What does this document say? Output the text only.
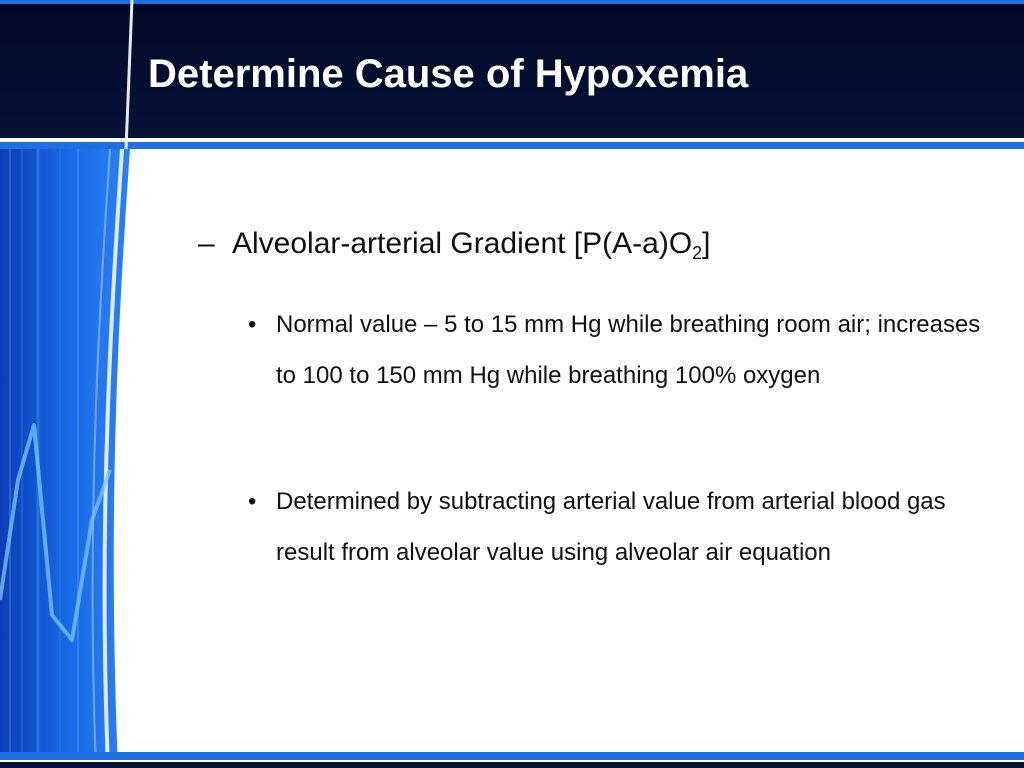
Determine Cause of Hypoxemia
– Alveolar-arterial Gradient $[P(A-a)O_2]$
• Normal value – 5 to 15 mm Hg while breathing room air; increases to 100 to 150 mm Hg while breathing 100% oxygen
• Determined by subtracting arterial value from arterial blood gas result from alveolar value using alveolar air equation
